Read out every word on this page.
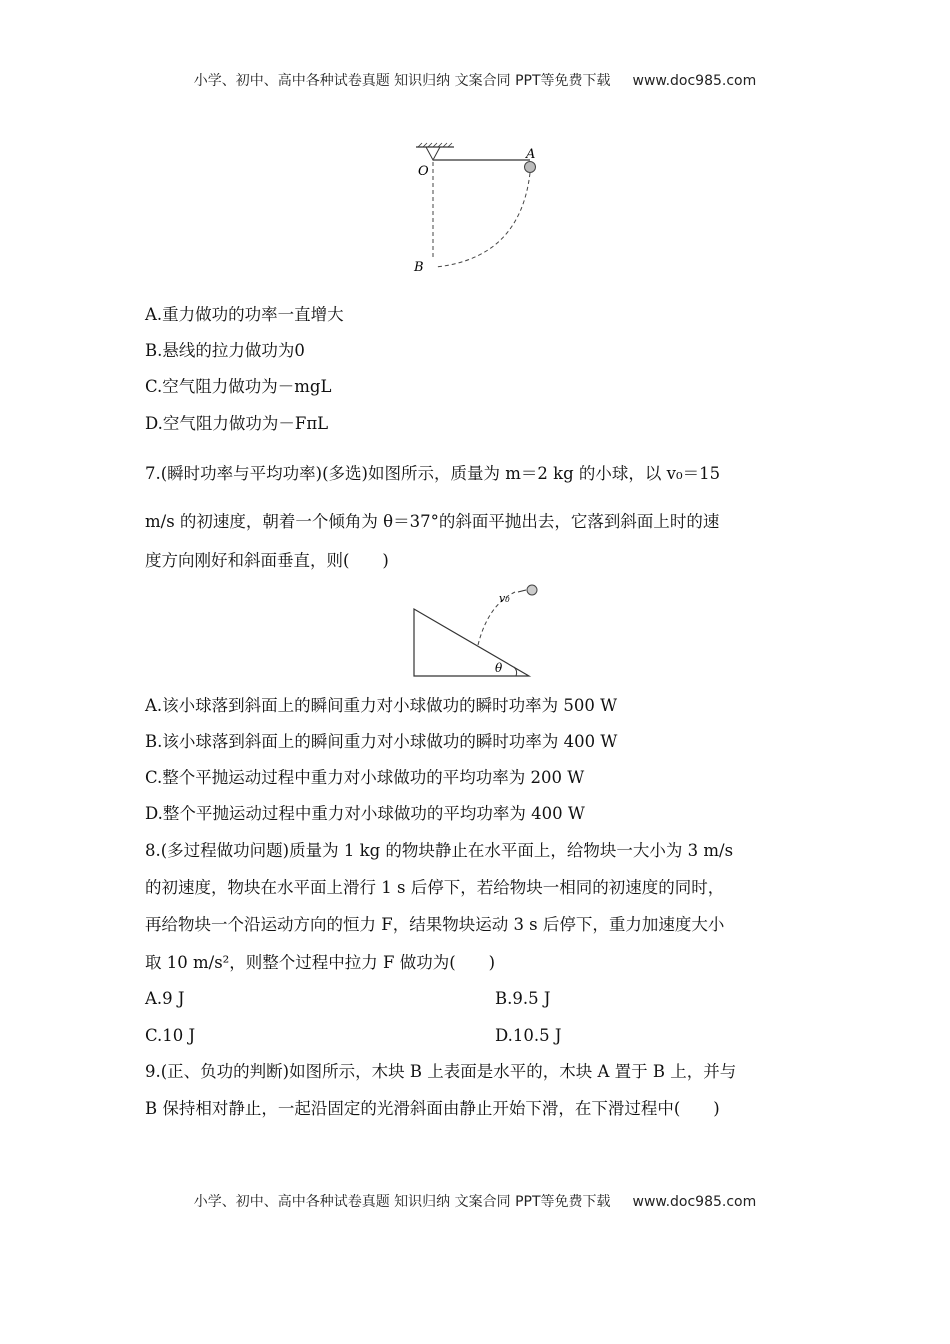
小学、初中、高中各种试卷真题 知识归纳 文案合同 PPT等免费下载 www.doc985.com
O
A
B
A.重力做功的功率一直增大
B.悬线的拉力做功为0
C.空气阻力做功为－mgL
D.空气阻力做功为－FπL
7.(瞬时功率与平均功率)(多选)如图所示，质量为 m＝2 kg 的小球，以 v₀＝15
m/s 的初速度，朝着一个倾角为 θ＝37°的斜面平抛出去，它落到斜面上时的速
度方向刚好和斜面垂直，则(　　)
v₀
θ
A.该小球落到斜面上的瞬间重力对小球做功的瞬时功率为 500 W
B.该小球落到斜面上的瞬间重力对小球做功的瞬时功率为 400 W
C.整个平抛运动过程中重力对小球做功的平均功率为 200 W
D.整个平抛运动过程中重力对小球做功的平均功率为 400 W
8.(多过程做功问题)质量为 1 kg 的物块静止在水平面上，给物块一大小为 3 m/s
的初速度，物块在水平面上滑行 1 s 后停下，若给物块一相同的初速度的同时，
再给物块一个沿运动方向的恒力 F，结果物块运动 3 s 后停下，重力加速度大小
取 10 m/s²，则整个过程中拉力 F 做功为(　　)
A.9 J	B.9.5 J
C.10 J	D.10.5 J
9.(正、负功的判断)如图所示，木块 B 上表面是水平的，木块 A 置于 B 上，并与
B 保持相对静止，一起沿固定的光滑斜面由静止开始下滑，在下滑过程中(　　)
小学、初中、高中各种试卷真题 知识归纳 文案合同 PPT等免费下载 www.doc985.com
